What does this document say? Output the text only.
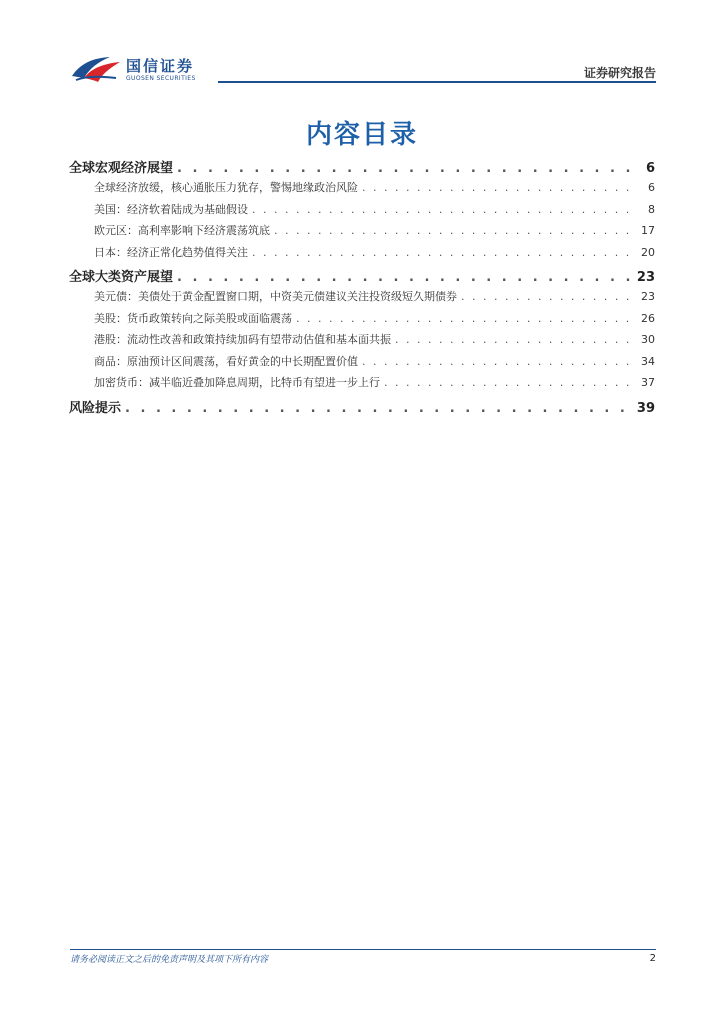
国信证券
GUOSEN SECURITIES	证券研究报告
内容目录
全球宏观经济展望 . . .	6
全球经济放缓，核心通胀压力犹存，警惕地缘政治风险 . . .	6
美国：经济软着陆成为基础假设 . . .	8
欧元区：高利率影响下经济震荡筑底 . . .	17
日本：经济正常化趋势值得关注 . . .	20
全球大类资产展望 . . .	23
美元债：美债处于黄金配置窗口期，中资美元债建议关注投资级短久期债券 . . .	23
美股：货币政策转向之际美股或面临震荡 . . .	26
港股：流动性改善和政策持续加码有望带动估值和基本面共振 . . .	30
商品：原油预计区间震荡，看好黄金的中长期配置价值 . . .	34
加密货币：减半临近叠加降息周期，比特币有望进一步上行 . . .	37
风险提示 . . .	39
请务必阅读正文之后的免责声明及其项下所有内容	2
